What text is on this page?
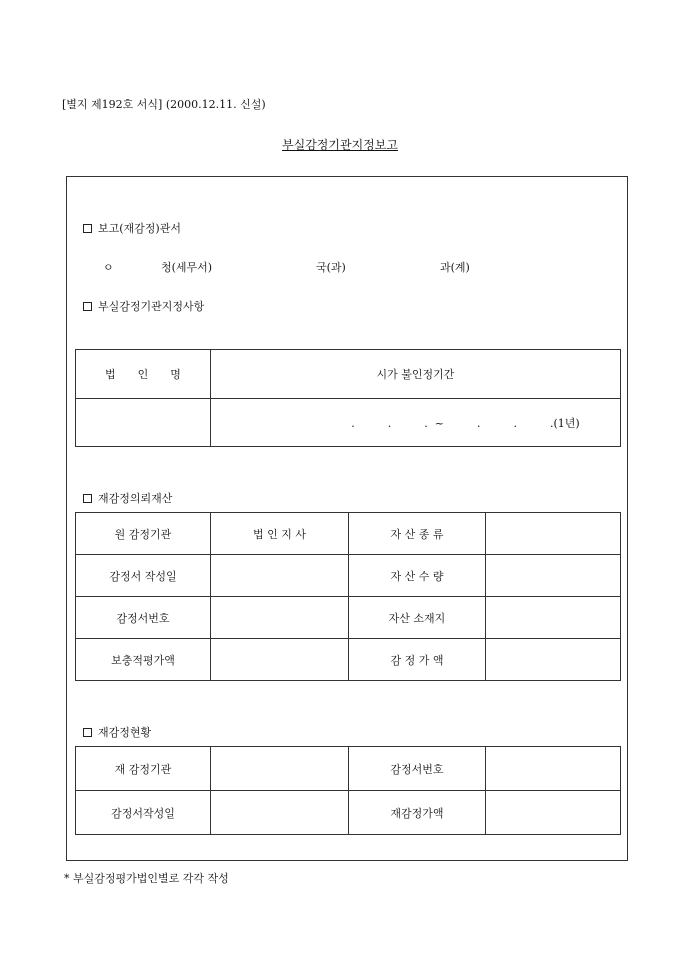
[별지 제192호 서식] (2000.12.11. 신설)
부실감정기관지정보고
보고(재감정)관서
ㅇ	청(세무서)	국(과)	과(계)
부실감정기관지정사항
법　　인　　명	시가 불인정기간
	.　　　.　　　.  ~　　　.　　　.　　　.(1년)
재감정의뢰재산
원 감정기관	법 인 지 사	자 산 종 류	
감정서 작성일		자 산 수 량	
감정서번호		자산 소재지	
보충적평가액		감 정 가 액	
재감정현황
재 감정기관		감정서번호	
감정서작성일		재감정가액	
* 부실감정평가법인별로 각각 작성
